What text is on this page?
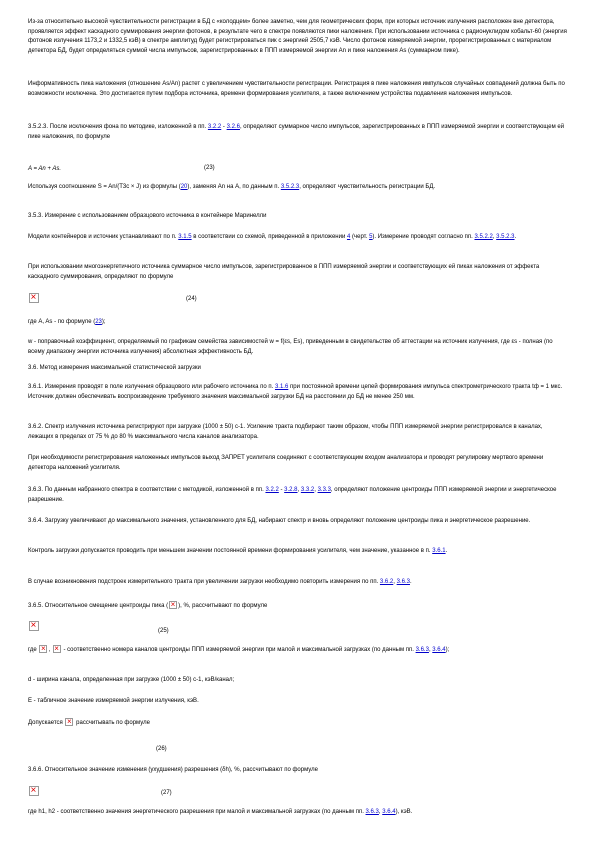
Из-за относительно высокой чувствительности регистрации в БД с «колодцем» более заметно, чем для геометрических форм, при которых источник излучения расположен вне детектора, проявляется эффект каскадного суммирования энергии фотонов, в результате чего в спектре появляются пики наложения. При использовании источника с радионуклидом кобальт-60 (энергия фотонов излучения 1173,2 и 1332,5 кэВ) в спектре амплитуд будет регистрироваться пик с энергией 2505,7 кэВ. Число фотонов измеряемой энергии, прорегистрированных с материалом детектора БД, будет определяться суммой числа импульсов, зарегистрированных в ППП измеряемой энергии An и пике наложения As (суммарном пике).

Информативность пика наложения (отношение As/An) растет с увеличением чувствительности регистрации. Регистрация в пике наложения импульсов случайных совпадений должна быть по возможности исключена. Это достигается путем подбора источника, времени формирования усилителя, а также включением устройства подавления наложения импульсов.

3.5.2.3. После исключения фона по методике, изложенной в пп. 3.2.2 - 3.2.6, определяют суммарное число импульсов, зарегистрированных в ППП измеряемой энергии и соответствующем ей пике наложения, по формуле

A = An + As.	(23)

Используя соотношение S = An/(T3c × J) из формулы (20), заменяя An на A, по данным п. 3.5.2.3, определяют чувствительность регистрации БД.

3.5.3. Измерение с использованием образцового источника в контейнере Маринелли

Модели контейнеров и источник устанавливают по п. 3.1.5 в соответствии со схемой, приведенной в приложении 4 (черт. 5). Измерение проводят согласно пп. 3.5.2.2, 3.5.2.3.

При использовании многоэнергетичного источника суммарное число импульсов, зарегистрированное в ППП измеряемой энергии и соответствующих ей пиках наложения от эффекта каскадного суммирования, определяют по формуле

×
(24)

где A, As - по формуле (23);

w - поправочный коэффициент, определяемый по графикам семейства зависимостей w = f(εs, Es), приведенным в свидетельстве об аттестации на источник излучения, где εs - полная (по всему диапазону энергии источника излучения) абсолютная эффективность БД.

3.6. Метод измерения максимальной статистической загрузки

3.6.1. Измерения проводят в поле излучения образцового или рабочего источника по п. 3.1.6 при постоянной времени цепей формирования импульса спектрометрического тракта tф = 1 мкс. Источник должен обеспечивать воспроизведение требуемого значения максимальной загрузки БД на расстоянии до БД не менее 250 мм.

3.6.2. Спектр излучения источника регистрируют при загрузке (1000 ± 50) с-1. Усиление тракта подбирают таким образом, чтобы ППП измеряемой энергии регистрировался в каналах, лежащих в пределах от 75 % до 80 % максимального числа каналов анализатора.

При необходимости регистрирования наложенных импульсов выход ЗАПРЕТ усилителя соединяют с соответствующим входом анализатора и проводят регулировку мертвого времени детектора наложений усилителя.

3.6.3. По данным набранного спектра в соответствии с методикой, изложенной в пп. 3.2.2 - 3.2.8, 3.3.2, 3.3.3, определяют положение центроиды ППП измеряемой энергии и энергетическое разрешение.

3.6.4. Загрузку увеличивают до максимального значения, установленного для БД, набирают спектр и вновь определяют положение центроиды пика и энергетическое разрешение.

Контроль загрузки допускается проводить при меньшем значении постоянной времени формирования усилителя, чем значение, указанное в п. 3.6.1.

В случае возникновения подстроек измерительного тракта при увеличении загрузки необходимо повторить измерения по пп. 3.6.2, 3.6.3.

3.6.5. Относительное смещение центроиды пика (× ), %, рассчитывают по формуле

×
(25)

где ×, × - соответственно номера каналов центроиды ППП измеряемой энергии при малой и максимальной загрузках (по данным пп. 3.6.3, 3.6.4);

d - ширина канала, определенная при загрузке (1000 ± 50) с-1, кэВ/канал;

E - табличное значение измеряемой энергии излучения, кэВ.

Допускается × рассчитывать по формуле

(26)

3.6.6. Относительное значение изменения (ухудшения) разрешения (δh), %, рассчитывают по формуле

×
(27)

где h1, h2 - соответственно значения энергетического разрешения при малой и максимальной загрузках (по данным пп. 3.6.3, 3.6.4), кэВ.
